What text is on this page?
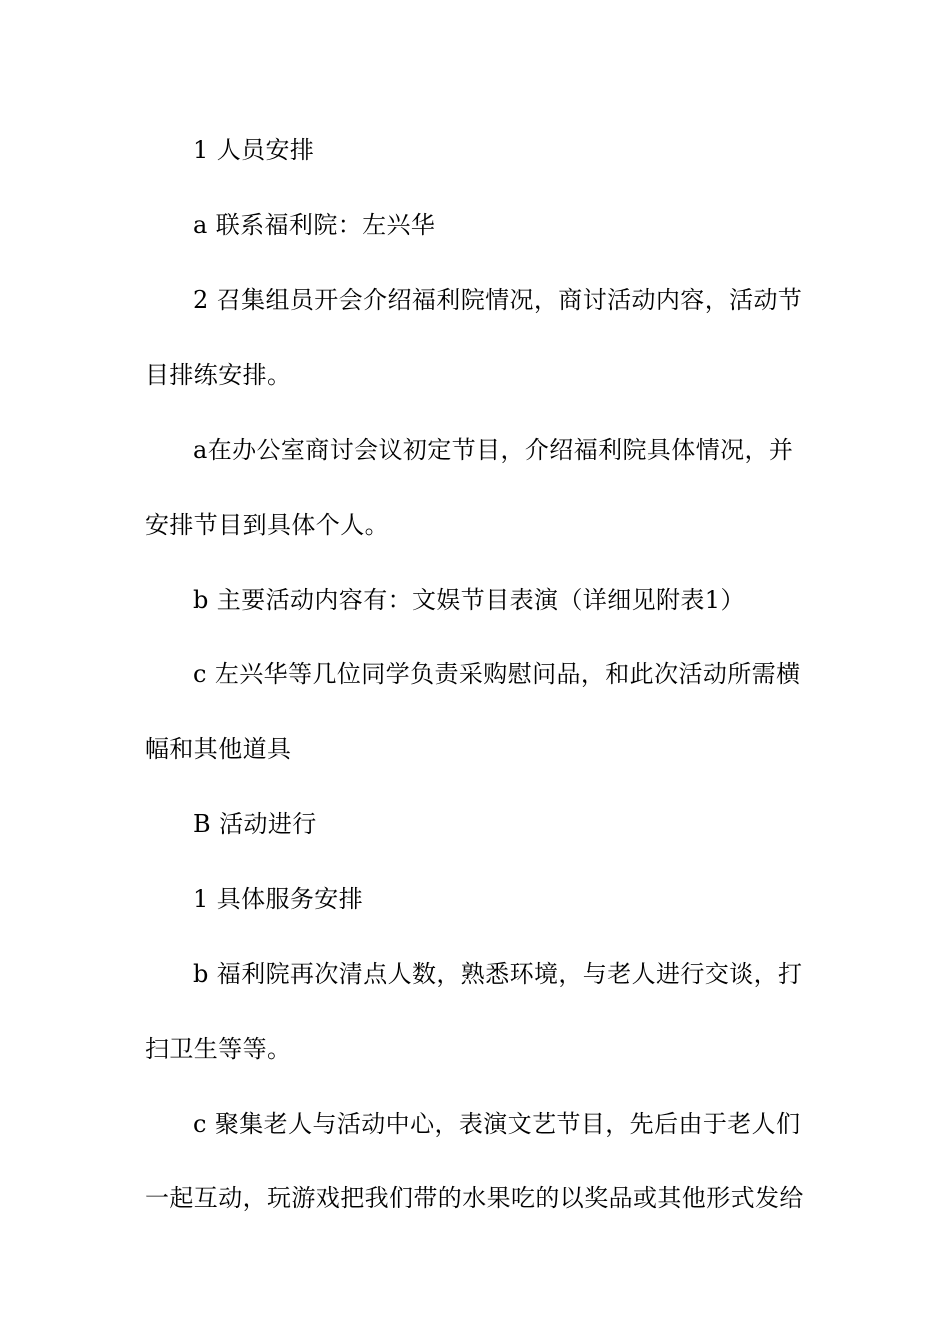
1 人员安排
a 联系福利院：左兴华
2 召集组员开会介绍福利院情况，商讨活动内容，活动节
目排练安排。
a在办公室商讨会议初定节目，介绍福利院具体情况，并
安排节目到具体个人。
b 主要活动内容有：文娱节目表演（详细见附表1）
c 左兴华等几位同学负责采购慰问品，和此次活动所需横
幅和其他道具
B 活动进行
1 具体服务安排
b 福利院再次清点人数，熟悉环境，与老人进行交谈，打
扫卫生等等。
c 聚集老人与活动中心，表演文艺节目，先后由于老人们
一起互动，玩游戏把我们带的水果吃的以奖品或其他形式发给
